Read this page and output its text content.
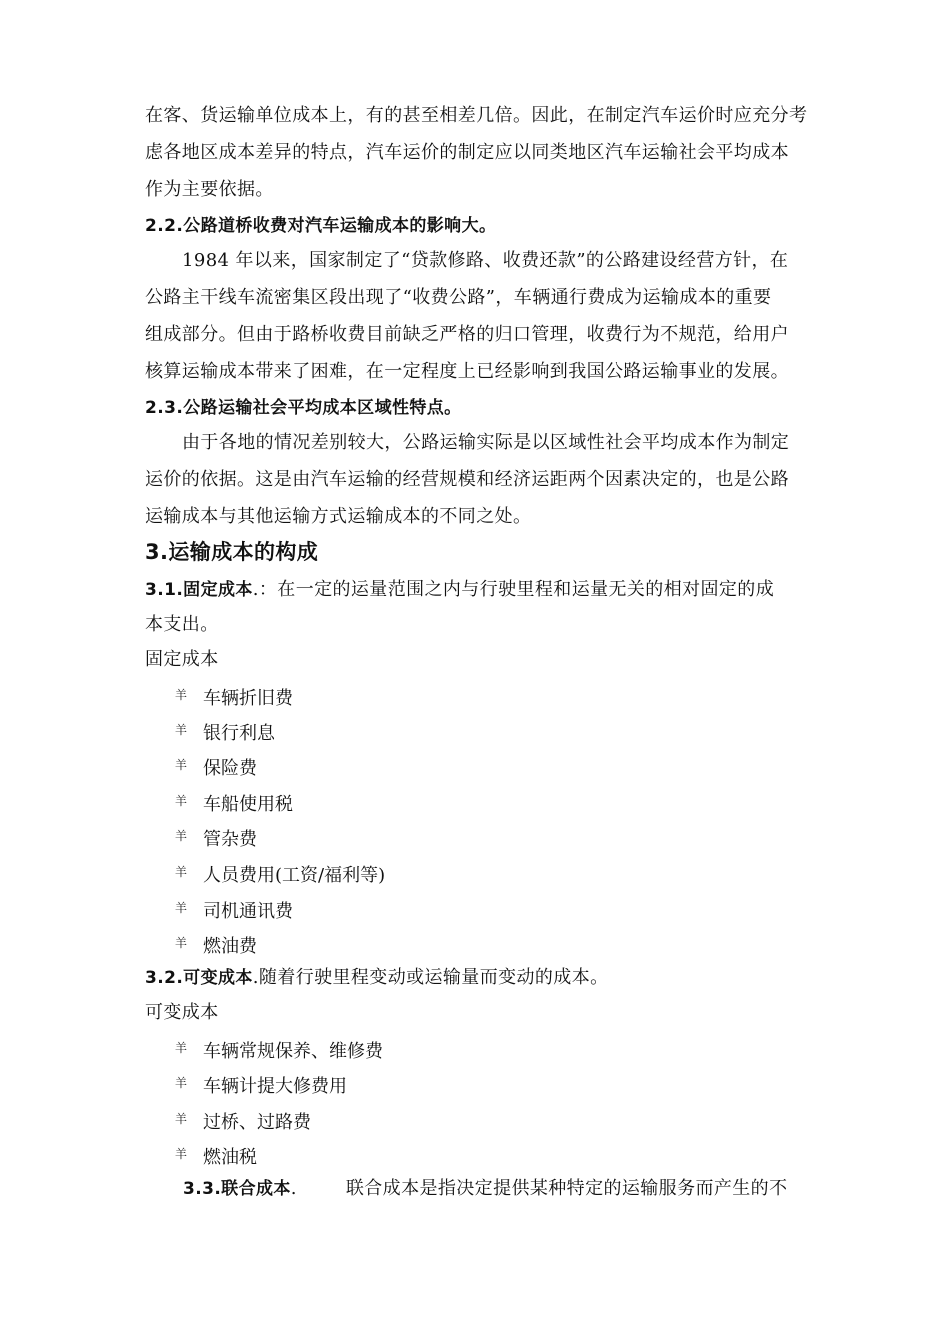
在客、货运输单位成本上，有的甚至相差几倍。因此，在制定汽车运价时应充分考
虑各地区成本差异的特点，汽车运价的制定应以同类地区汽车运输社会平均成本
作为主要依据。
2.2.公路道桥收费对汽车运输成本的影响大。
1984 年以来，国家制定了“贷款修路、收费还款”的公路建设经营方针，在
公路主干线车流密集区段出现了“收费公路”，车辆通行费成为运输成本的重要
组成部分。但由于路桥收费目前缺乏严格的归口管理，收费行为不规范，给用户
核算运输成本带来了困难，在一定程度上已经影响到我国公路运输事业的发展。
2.3.公路运输社会平均成本区域性特点。
由于各地的情况差别较大，公路运输实际是以区域性社会平均成本作为制定
运价的依据。这是由汽车运输的经营规模和经济运距两个因素决定的，也是公路
运输成本与其他运输方式运输成本的不同之处。
3.运输成本的构成
3.1.固定成本.：在一定的运量范围之内与行驶里程和运量无关的相对固定的成
本支出。
固定成本
羊 车辆折旧费
羊 银行利息
羊 保险费
羊 车船使用税
羊 管杂费
羊 人员费用(工资/福利等)
羊 司机通讯费
羊 燃油费
3.2.可变成本.随着行驶里程变动或运输量而变动的成本。
可变成本
羊 车辆常规保养、维修费
羊 车辆计提大修费用
羊 过桥、过路费
羊 燃油税
3.3.联合成本.        联合成本是指决定提供某种特定的运输服务而产生的不
